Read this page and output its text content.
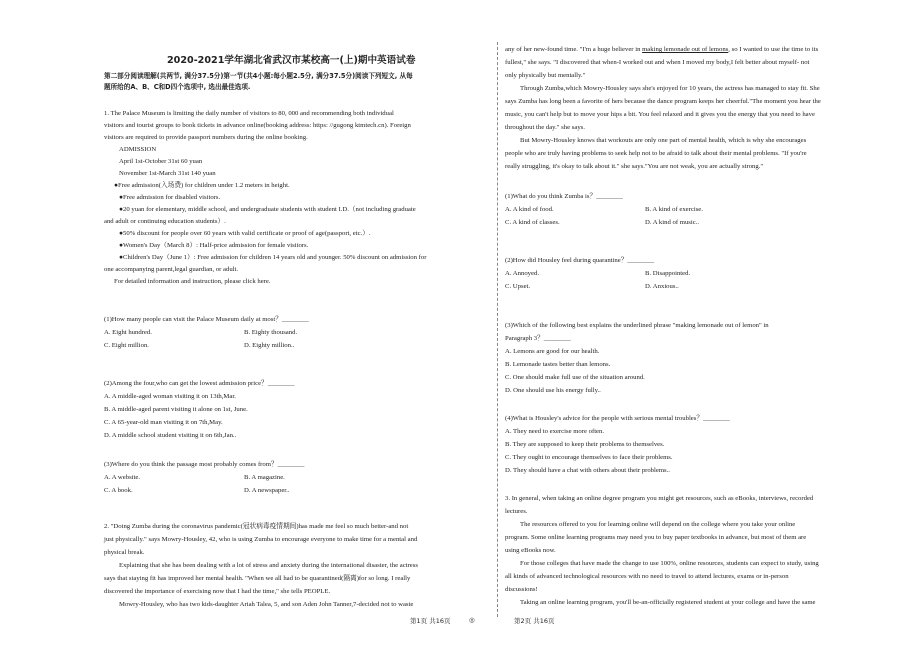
2020-2021学年湖北省武汉市某校高一(上)期中英语试卷
第二部分阅读理解(共两节, 满分37.5分)第一节(共4小题:每小题2.5分, 满分37.5分)阅读下列短文, 从每
题所给的A、B、C和D四个选项中, 选出最佳选项.
1. The Palace Museum is limiting the daily number of visitors to 80, 000 and recommending both individual
visitors and tourist groups to book tickets in advance online(booking address: https: //gugong ktmtech.cn). Foreign
visitors are required to provide passport numbers during the online booking.
ADMISSION
April 1st-October 31st 60 yuan
November 1st-March 31st 140 yuan
●Free admission(入场费) for children under 1.2 meters in height.
●Free admission for disabled visitors.
●20 yuan for elementary, middle school, and undergraduate students with student I.D.（not including graduate
and adult or continuing education students）.
●50% discount for people over 60 years with valid certificate or proof of age(passport, etc.）.
●Women's Day（March 8）: Half-price admission for female visitors.
●Children's Day（June 1）: Free admission for children 14 years old and younger. 50% discount on admission for
one accompanying parent,legal guardian, or adult.
For detailed information and instruction, please click here.
(1)How many people can visit the Palace Museum daily at most？________
A. Eight hundred.	B. Eighty thousand.
C. Eight million.	D. Eighty million..
(2)Among the four,who can get the lowest admission price？________
A. A middle-aged woman visiting it on 13th,Mar.
B. A middle-aged parent visiting it alone on 1st, June.
C. A 65-year-old man visiting it on 7th,May.
D. A middle school student visiting it on 6th,Jan..
(3)Where do you think the passage most probably comes from？________
A. A website.	B. A magazine.
C. A book.	D. A newspaper..
2. "Doing Zumba during the coronavirus pandemic(冠状病毒疫情期间)has made me feel so much better-and not
just physically." says Mowry-Housley, 42, who is using Zumba to encourage everyone to make time for a mental and
physical break.
Explaining that she has been dealing with a lot of stress and anxiety during the international disaster, the actress
says that staying fit has improved her mental health. "When we all had to be quarantined(隔离)for so long. I really
discovered the importance of exercising now that I had the time," she tells PEOPLE.
Mowry-Housley, who has two kids-daughter Ariah Talea, 5, and son Aden John Tanner,7-decided not to waste
any of her new-found time. "I'm a huge believer in making lemonade out of lemons, so I wanted to use the time to its
fullest," she says. "I discovered that when-I worked out and when I moved my body,I felt better about myself- not
only physically but mentally."
Through Zumba,which Mowry-Housley says she's enjoyed for 10 years, the actress has managed to stay fit. She
says Zumba has long been a favorite of hers because the dance program keeps her cheerful."The moment you hear the
music, you can't help but to move your hips a bit. You feel relaxed and it gives you the energy that you need to have
throughout the day." she says.
But Mowry-Housley knows that workouts are only one part of mental health, which is why she encourages
people who are truly having problems to seek help not to be afraid to talk about their mental problems. "If you're
really struggling, it's okay to talk about it." she says."You are not weak, you are actually strong."
(1)What do you think Zumba is？________
A. A kind of food.	B. A kind of exercise.
C. A kind of classes.	D. A kind of music..
(2)How did Housley feel during quarantine？________
A. Annoyed.	B. Disappointed.
C. Upset.	D. Anxious..
(3)Which of the following best explains the underlined phrase "making lemonade out of lemon" in
Paragraph 3？________
A. Lemons are good for our health.
B. Lemonade tastes better than lemons.
C. One should make full use of the situation around.
D. One should use his energy fully..
(4)What is Housley's advice for the people with serious mental troubles？________
A. They need to exercise more often.
B. They are supposed to keep their problems to themselves.
C. They ought to encourage themselves to face their problems.
D. They should have a chat with others about their problems..
3. In general, when taking an online degree program you might get resources, such as eBooks, interviews, recorded
lectures.
The resources offered to you for learning online will depend on the college where you take your online
program. Some online learning programs may need you to buy paper textbooks in advance, but most of them are
using eBooks now.
For those colleges that have made the change to use 100%, online resources, students can expect to study, using
all kinds of advanced technological resources with no need to travel to attend lectures, exams or in-person
discussions!
Taking an online learning program, you'll be-an-officially registered student at your college and have the same
第1页 共16页	◎	第2页 共16页
